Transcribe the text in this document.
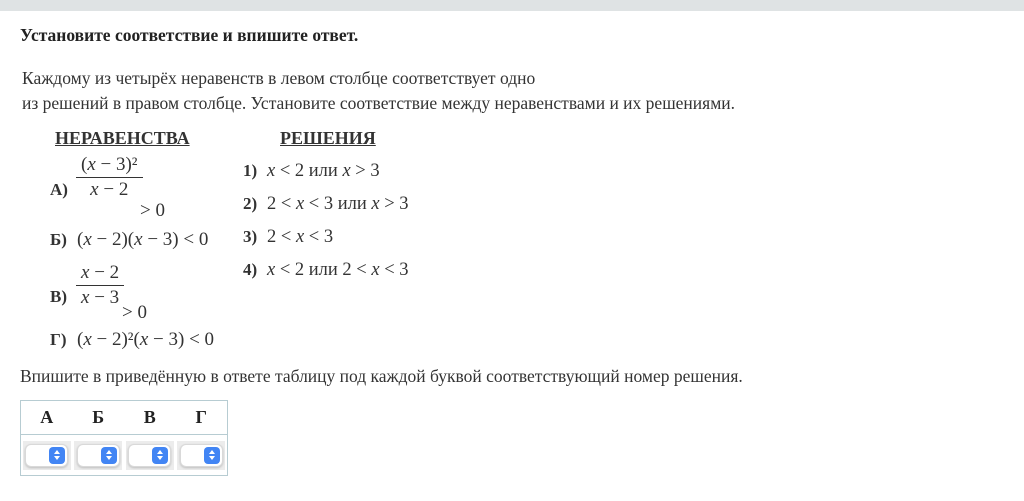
Установите соответствие и впишите ответ.
Каждому из четырёх неравенств в левом столбце соответствует одно
из решений в правом столбце. Установите соответствие между неравенствами и их решениями.
НЕРАВЕНСТВА	РЕШЕНИЯ
$А) \frac{\text{(x − 3)²}}{x - 2}$
> 0
Б) (x − 2)(x − 3) < 0
$В) \frac{x - 2}{x - 3}$
> 0
Г) (x − 2)²(x − 3) < 0
1) x < 2 или x > 3
2) 2 < x < 3 или x > 3
3) 2 < x < 3
4) x < 2 или 2 < x < 3
Впишите в приведённую в ответе таблицу под каждой буквой соответствующий номер решения.
А	Б	В	Г
